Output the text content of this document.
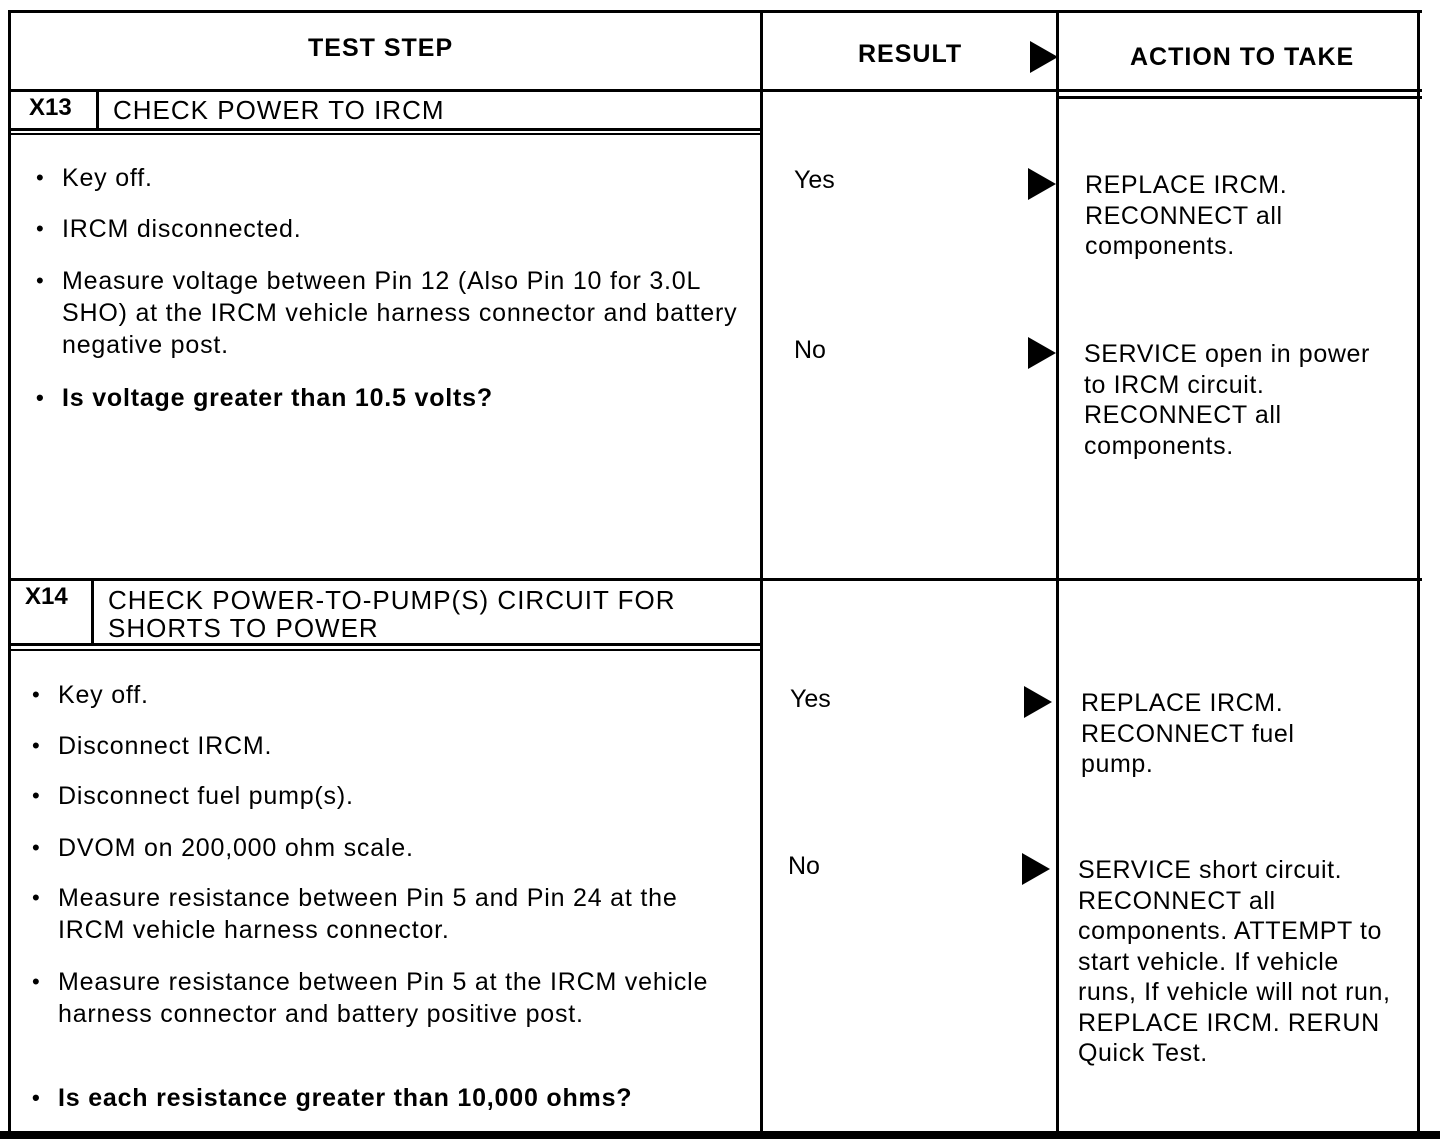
TEST STEP	RESULT	ACTION TO TAKE
X13 CHECK POWER TO IRCM
• Key off.
• IRCM disconnected.
• Measure voltage between Pin 12 (Also Pin 10 for 3.0L SHO) at the IRCM vehicle harness connector and battery negative post.
• Is voltage greater than 10.5 volts?
Yes	REPLACE IRCM. RECONNECT all components.
No	SERVICE open in power to IRCM circuit. RECONNECT all components.
X14 CHECK POWER-TO-PUMP(S) CIRCUIT FOR SHORTS TO POWER
• Key off.
• Disconnect IRCM.
• Disconnect fuel pump(s).
• DVOM on 200,000 ohm scale.
• Measure resistance between Pin 5 and Pin 24 at the IRCM vehicle harness connector.
• Measure resistance between Pin 5 at the IRCM vehicle harness connector and battery positive post.
• Is each resistance greater than 10,000 ohms?
Yes	REPLACE IRCM. RECONNECT fuel pump.
No	SERVICE short circuit. RECONNECT all components. ATTEMPT to start vehicle. If vehicle runs, If vehicle will not run, REPLACE IRCM. RERUN Quick Test.
